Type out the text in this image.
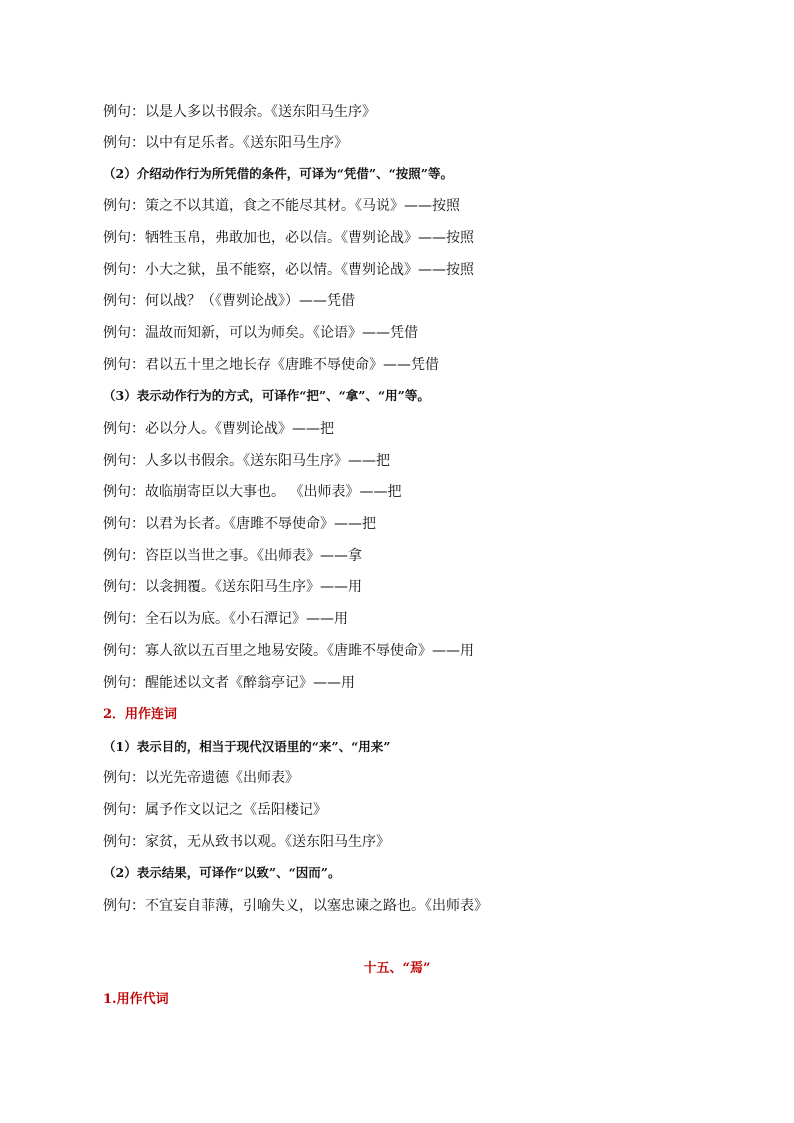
例句：以是人多以书假余。《送东阳马生序》
例句：以中有足乐者。《送东阳马生序》
（2）介绍动作行为所凭借的条件，可译为“凭借”、“按照”等。
例句：策之不以其道，食之不能尽其材。《马说》——按照
例句：牺牲玉帛，弗敢加也，必以信。《曹刿论战》——按照
例句：小大之狱，虽不能察，必以情。《曹刿论战》——按照
例句：何以战？（《曹刿论战》）——凭借
例句：温故而知新，可以为师矣。《论语》——凭借
例句：君以五十里之地长存《唐雎不辱使命》——凭借
（3）表示动作行为的方式，可译作“把”、“拿”、“用”等。
例句：必以分人。《曹刿论战》——把
例句：人多以书假余。《送东阳马生序》——把
例句：故临崩寄臣以大事也。 《出师表》——把
例句：以君为长者。《唐雎不辱使命》——把
例句：咨臣以当世之事。《出师表》——拿
例句：以衾拥覆。《送东阳马生序》——用
例句：全石以为底。《小石潭记》——用
例句：寡人欲以五百里之地易安陵。《唐雎不辱使命》——用
例句：醒能述以文者《醉翁亭记》——用
2．用作连词
（1）表示目的，相当于现代汉语里的“来”、“用来”
例句：以光先帝遗德《出师表》
例句：属予作文以记之《岳阳楼记》
例句：家贫，无从致书以观。《送东阳马生序》
（2）表示结果，可译作“以致”、“因而”。
例句：不宜妄自菲薄，引喻失义，以塞忠谏之路也。《出师表》
十五、“焉”
1.用作代词
